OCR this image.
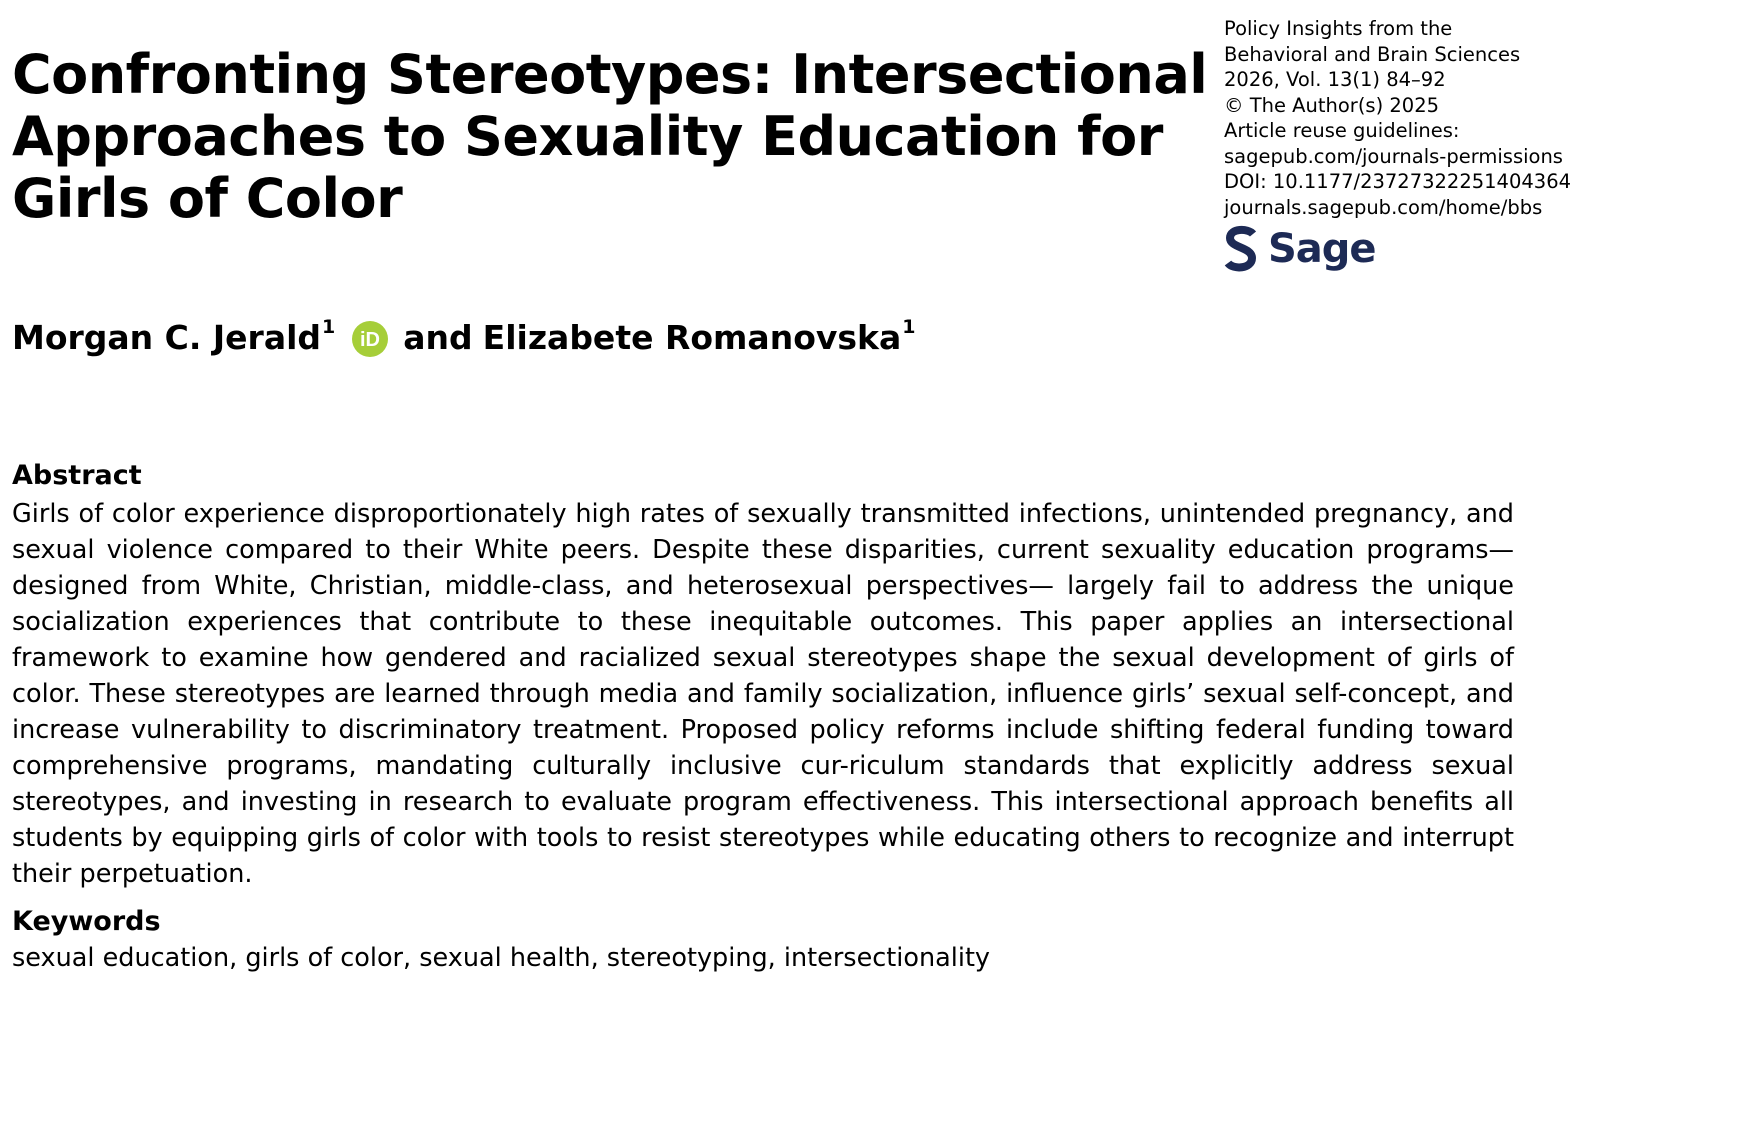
Confronting Stereotypes: Intersectional
Approaches to Sexuality Education for
Girls of Color
Policy Insights from the
Behavioral and Brain Sciences
2026, Vol. 13(1) 84–92
© The Author(s) 2025
Article reuse guidelines:
sagepub.com/journals-permissions
DOI: 10.1177/23727322251404364
journals.sagepub.com/home/bbs
Sage
Morgan C. Jerald$^1$
iD and Elizabete Romanovska$^1$
Abstract

Girls of color experience disproportionately high rates of sexually transmitted infections, unintended pregnancy, and sexual violence compared to their White peers. Despite these disparities, current sexuality education programs— designed from White, Christian, middle-class, and heterosexual perspectives— largely fail to address the unique socialization experiences that contribute to these inequitable outcomes. This paper applies an intersectional framework to examine how gendered and racialized sexual stereotypes shape the sexual development of girls of color. These stereotypes are learned through media and family socialization, influence girls’ sexual self-concept, and increase vulnerability to discriminatory treatment. Proposed policy reforms include shifting federal funding toward comprehensive programs, mandating culturally inclusive cur-riculum standards that explicitly address sexual stereotypes, and investing in research to evaluate program effectiveness. This intersectional approach benefits all students by equipping girls of color with tools to resist stereotypes while educating others to recognize and interrupt their perpetuation.

Keywords

sexual education, girls of color, sexual health, stereotyping, intersectionality
